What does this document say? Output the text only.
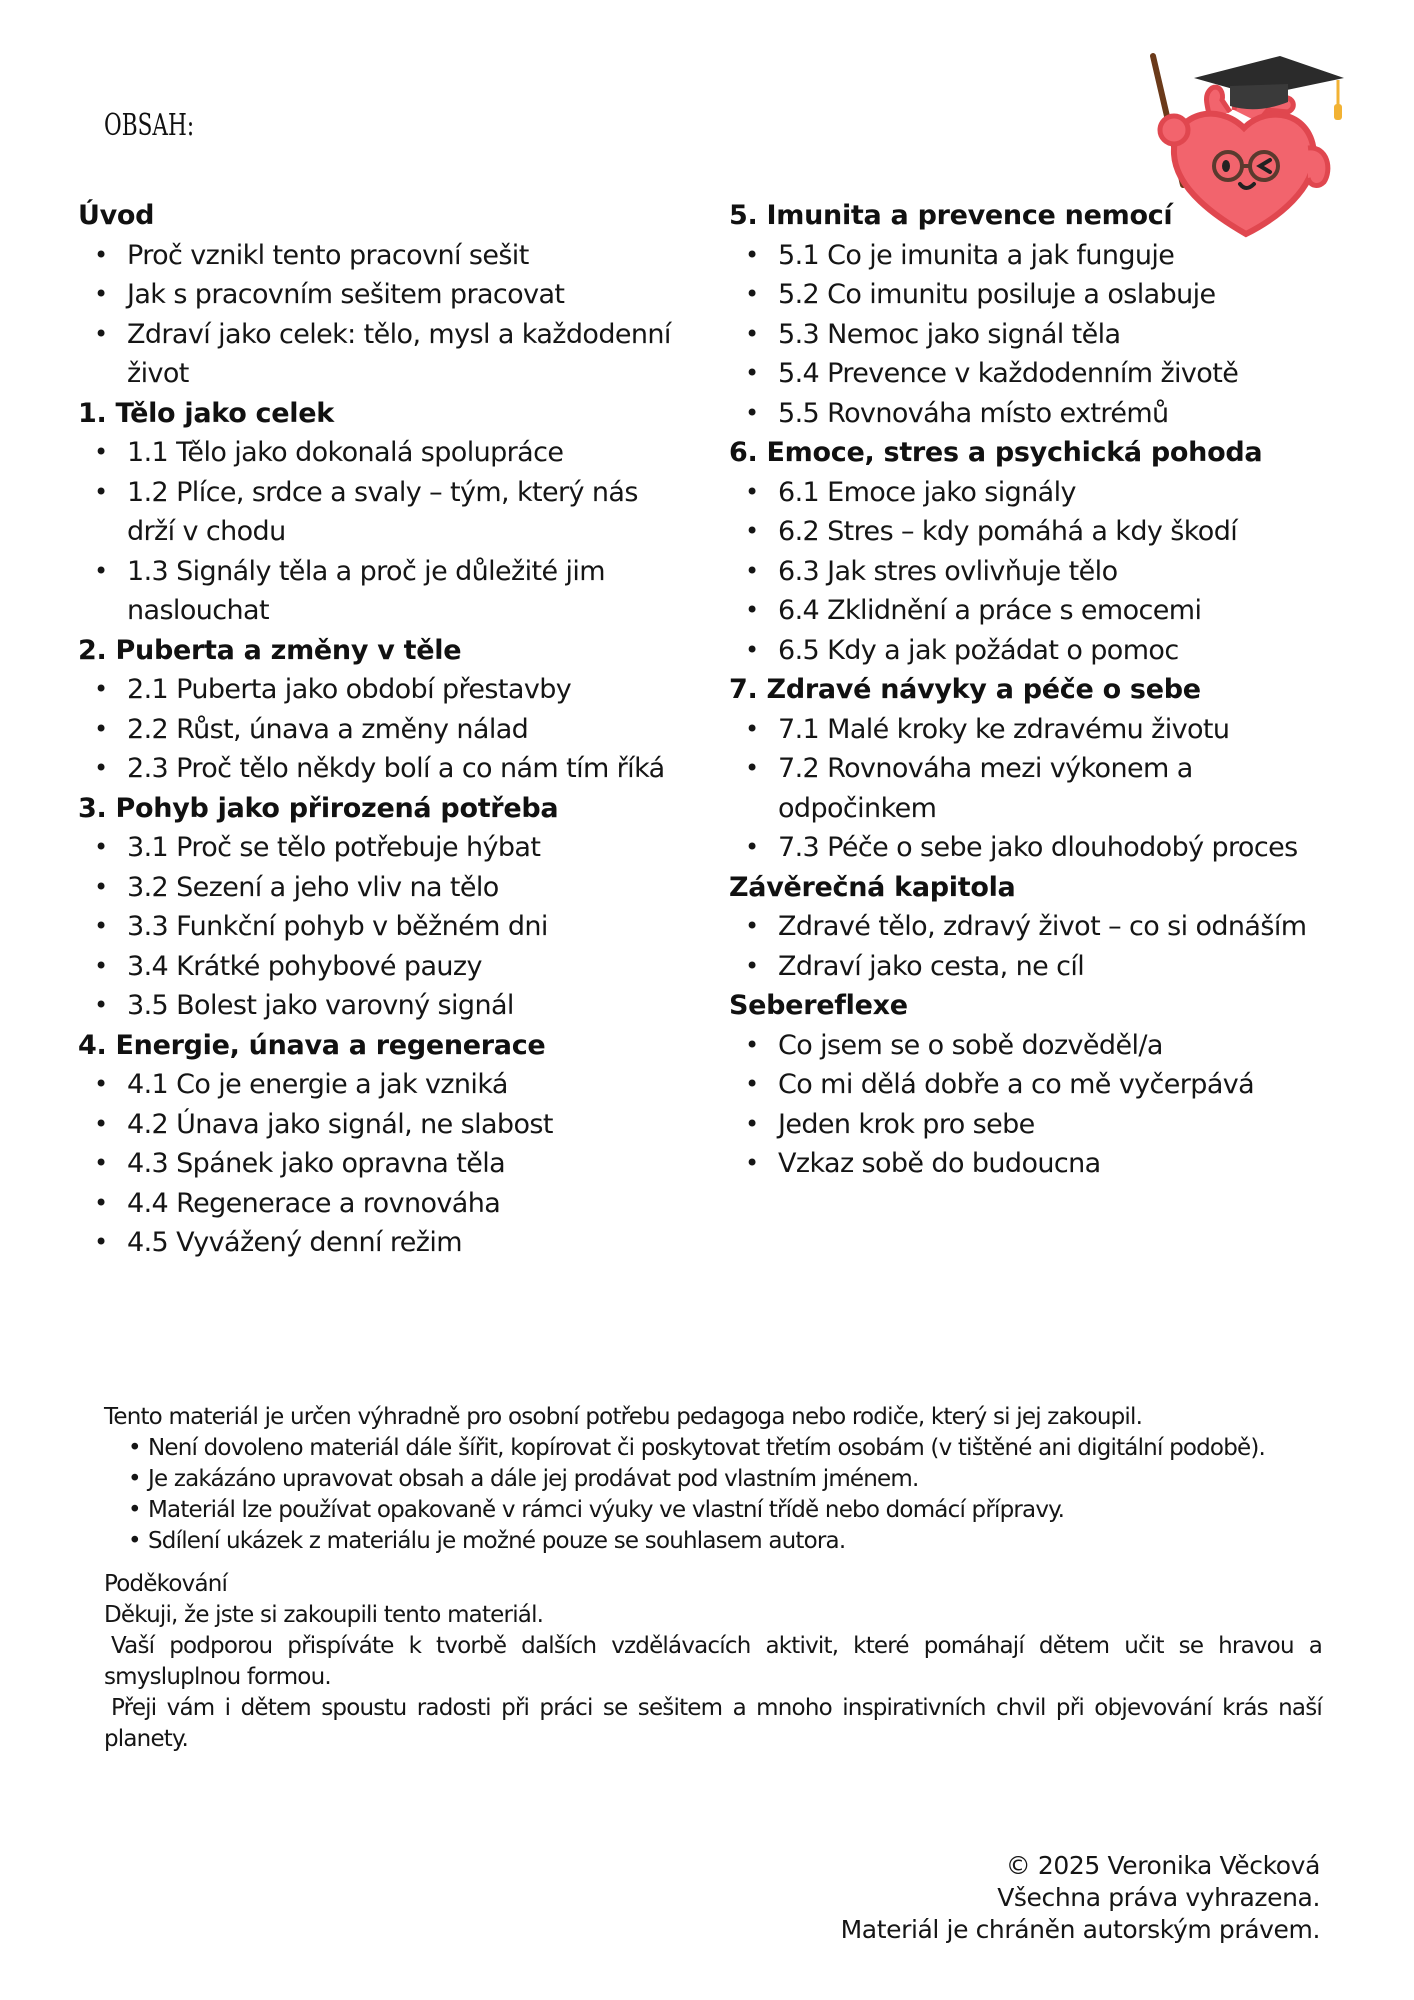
OBSAH:
Úvod
• Proč vznikl tento pracovní sešit
• Jak s pracovním sešitem pracovat
• Zdraví jako celek: tělo, mysl a každodenní život
1. Tělo jako celek
• 1.1 Tělo jako dokonalá spolupráce
• 1.2 Plíce, srdce a svaly – tým, který nás drží v chodu
• 1.3 Signály těla a proč je důležité jim naslouchat
2. Puberta a změny v těle
• 2.1 Puberta jako období přestavby
• 2.2 Růst, únava a změny nálad
• 2.3 Proč tělo někdy bolí a co nám tím říká
3. Pohyb jako přirozená potřeba
• 3.1 Proč se tělo potřebuje hýbat
• 3.2 Sezení a jeho vliv na tělo
• 3.3 Funkční pohyb v běžném dni
• 3.4 Krátké pohybové pauzy
• 3.5 Bolest jako varovný signál
4. Energie, únava a regenerace
• 4.1 Co je energie a jak vzniká
• 4.2 Únava jako signál, ne slabost
• 4.3 Spánek jako opravna těla
• 4.4 Regenerace a rovnováha
• 4.5 Vyvážený denní režim
5. Imunita a prevence nemocí
• 5.1 Co je imunita a jak funguje
• 5.2 Co imunitu posiluje a oslabuje
• 5.3 Nemoc jako signál těla
• 5.4 Prevence v každodenním životě
• 5.5 Rovnováha místo extrémů
6. Emoce, stres a psychická pohoda
• 6.1 Emoce jako signály
• 6.2 Stres – kdy pomáhá a kdy škodí
• 6.3 Jak stres ovlivňuje tělo
• 6.4 Zklidnění a práce s emocemi
• 6.5 Kdy a jak požádat o pomoc
7. Zdravé návyky a péče o sebe
• 7.1 Malé kroky ke zdravému životu
• 7.2 Rovnováha mezi výkonem a odpočinkem
• 7.3 Péče o sebe jako dlouhodobý proces
Závěrečná kapitola
• Zdravé tělo, zdravý život – co si odnáším
• Zdraví jako cesta, ne cíl
Sebereflexe
• Co jsem se o sobě dozvěděl/a
• Co mi dělá dobře a co mě vyčerpává
• Jeden krok pro sebe
• Vzkaz sobě do budoucna

Tento materiál je určen výhradně pro osobní potřebu pedagoga nebo rodiče, který si jej zakoupil.

• Není dovoleno materiál dále šířit, kopírovat či poskytovat třetím osobám (v tištěné ani digitální podobě).
• Je zakázáno upravovat obsah a dále jej prodávat pod vlastním jménem.
• Materiál lze používat opakovaně v rámci výuky ve vlastní třídě nebo domácí přípravy.
• Sdílení ukázek z materiálu je možné pouze se souhlasem autora.

Poděkování

Děkuji, že jste si zakoupili tento materiál.

Vaší podporou přispíváte k tvorbě dalších vzdělávacích aktivit, které pomáhají dětem učit se hravou a smysluplnou formou.

Přeji vám i dětem spoustu radosti při práci se sešitem a mnoho inspirativních chvil při objevování krás naší planety.

© 2025 Veronika Věcková
Všechna práva vyhrazena.
Materiál je chráněn autorským právem.
